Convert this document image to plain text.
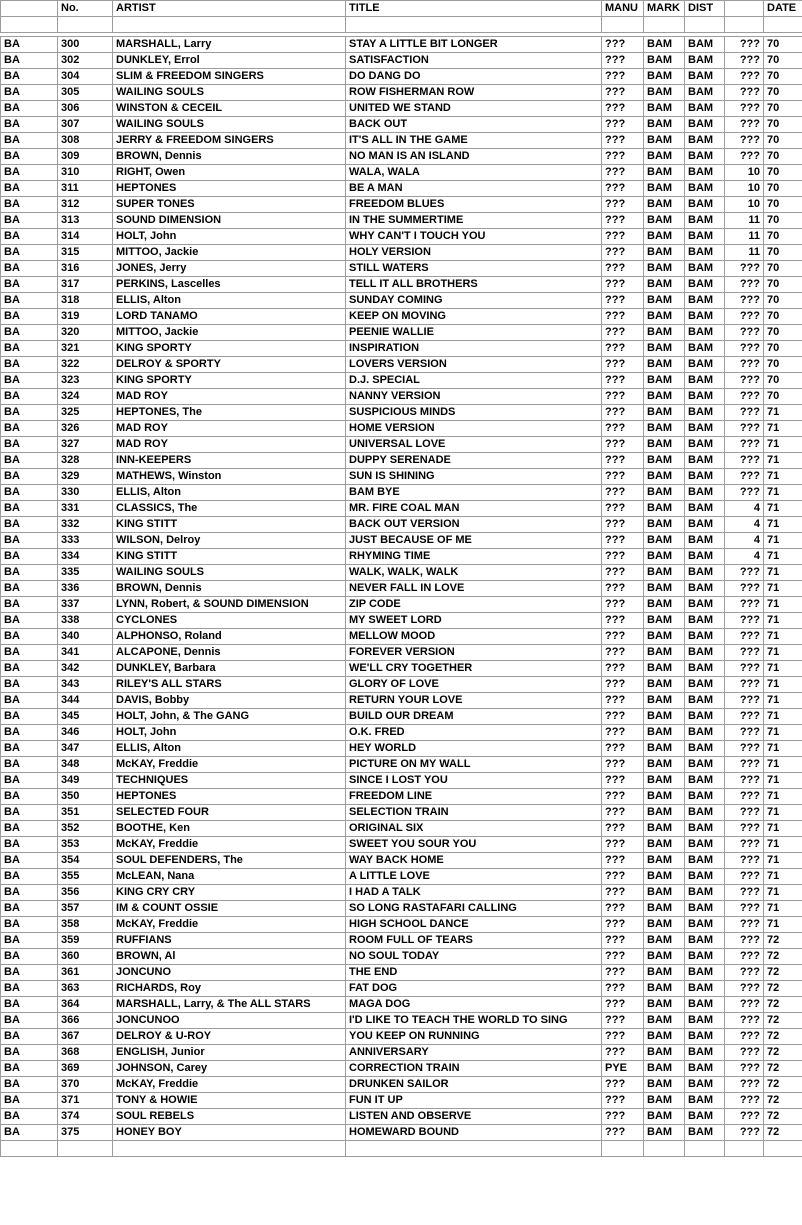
	No.	ARTIST	TITLE	MANU	MARK	DIST		DATE

BA	300	MARSHALL, Larry	STAY A LITTLE BIT LONGER	???	BAM	BAM	???	70
BA	302	DUNKLEY, Errol	SATISFACTION	???	BAM	BAM	???	70
BA	304	SLIM & FREEDOM SINGERS	DO DANG DO	???	BAM	BAM	???	70
BA	305	WAILING SOULS	ROW FISHERMAN ROW	???	BAM	BAM	???	70
BA	306	WINSTON & CECEIL	UNITED WE STAND	???	BAM	BAM	???	70
BA	307	WAILING SOULS	BACK OUT	???	BAM	BAM	???	70
BA	308	JERRY & FREEDOM SINGERS	IT'S ALL IN THE GAME	???	BAM	BAM	???	70
BA	309	BROWN, Dennis	NO MAN IS AN ISLAND	???	BAM	BAM	???	70
BA	310	RIGHT, Owen	WALA, WALA	???	BAM	BAM	10	70
BA	311	HEPTONES	BE A MAN	???	BAM	BAM	10	70
BA	312	SUPER TONES	FREEDOM BLUES	???	BAM	BAM	10	70
BA	313	SOUND DIMENSION	IN THE SUMMERTIME	???	BAM	BAM	11	70
BA	314	HOLT, John	WHY CAN'T I TOUCH YOU	???	BAM	BAM	11	70
BA	315	MITTOO, Jackie	HOLY VERSION	???	BAM	BAM	11	70
BA	316	JONES, Jerry	STILL WATERS	???	BAM	BAM	???	70
BA	317	PERKINS, Lascelles	TELL IT ALL BROTHERS	???	BAM	BAM	???	70
BA	318	ELLIS, Alton	SUNDAY COMING	???	BAM	BAM	???	70
BA	319	LORD TANAMO	KEEP ON MOVING	???	BAM	BAM	???	70
BA	320	MITTOO, Jackie	PEENIE WALLIE	???	BAM	BAM	???	70
BA	321	KING SPORTY	INSPIRATION	???	BAM	BAM	???	70
BA	322	DELROY & SPORTY	LOVERS VERSION	???	BAM	BAM	???	70
BA	323	KING SPORTY	D.J. SPECIAL	???	BAM	BAM	???	70
BA	324	MAD ROY	NANNY VERSION	???	BAM	BAM	???	70
BA	325	HEPTONES, The	SUSPICIOUS MINDS	???	BAM	BAM	???	71
BA	326	MAD ROY	HOME VERSION	???	BAM	BAM	???	71
BA	327	MAD ROY	UNIVERSAL LOVE	???	BAM	BAM	???	71
BA	328	INN-KEEPERS	DUPPY SERENADE	???	BAM	BAM	???	71
BA	329	MATHEWS, Winston	SUN IS SHINING	???	BAM	BAM	???	71
BA	330	ELLIS, Alton	BAM BYE	???	BAM	BAM	???	71
BA	331	CLASSICS, The	MR. FIRE COAL MAN	???	BAM	BAM	4	71
BA	332	KING STITT	BACK OUT VERSION	???	BAM	BAM	4	71
BA	333	WILSON, Delroy	JUST BECAUSE OF ME	???	BAM	BAM	4	71
BA	334	KING STITT	RHYMING TIME	???	BAM	BAM	4	71
BA	335	WAILING SOULS	WALK, WALK, WALK	???	BAM	BAM	???	71
BA	336	BROWN, Dennis	NEVER FALL IN LOVE	???	BAM	BAM	???	71
BA	337	LYNN, Robert, & SOUND DIMENSION	ZIP CODE	???	BAM	BAM	???	71
BA	338	CYCLONES	MY SWEET LORD	???	BAM	BAM	???	71
BA	340	ALPHONSO, Roland	MELLOW MOOD	???	BAM	BAM	???	71
BA	341	ALCAPONE, Dennis	FOREVER VERSION	???	BAM	BAM	???	71
BA	342	DUNKLEY, Barbara	WE'LL CRY TOGETHER	???	BAM	BAM	???	71
BA	343	RILEY'S ALL STARS	GLORY OF LOVE	???	BAM	BAM	???	71
BA	344	DAVIS, Bobby	RETURN YOUR LOVE	???	BAM	BAM	???	71
BA	345	HOLT, John, & The GANG	BUILD OUR DREAM	???	BAM	BAM	???	71
BA	346	HOLT, John	O.K. FRED	???	BAM	BAM	???	71
BA	347	ELLIS, Alton	HEY WORLD	???	BAM	BAM	???	71
BA	348	McKAY, Freddie	PICTURE ON MY WALL	???	BAM	BAM	???	71
BA	349	TECHNIQUES	SINCE I LOST YOU	???	BAM	BAM	???	71
BA	350	HEPTONES	FREEDOM LINE	???	BAM	BAM	???	71
BA	351	SELECTED FOUR	SELECTION TRAIN	???	BAM	BAM	???	71
BA	352	BOOTHE, Ken	ORIGINAL SIX	???	BAM	BAM	???	71
BA	353	McKAY, Freddie	SWEET YOU SOUR YOU	???	BAM	BAM	???	71
BA	354	SOUL DEFENDERS, The	WAY BACK HOME	???	BAM	BAM	???	71
BA	355	McLEAN, Nana	A LITTLE LOVE	???	BAM	BAM	???	71
BA	356	KING CRY CRY	I HAD A TALK	???	BAM	BAM	???	71
BA	357	IM & COUNT OSSIE	SO LONG RASTAFARI CALLING	???	BAM	BAM	???	71
BA	358	McKAY, Freddie	HIGH SCHOOL DANCE	???	BAM	BAM	???	71
BA	359	RUFFIANS	ROOM FULL OF TEARS	???	BAM	BAM	???	72
BA	360	BROWN, Al	NO SOUL TODAY	???	BAM	BAM	???	72
BA	361	JONCUNO	THE END	???	BAM	BAM	???	72
BA	363	RICHARDS, Roy	FAT DOG	???	BAM	BAM	???	72
BA	364	MARSHALL, Larry, & The ALL STARS	MAGA DOG	???	BAM	BAM	???	72
BA	366	JONCUNOO	I'D LIKE TO TEACH THE WORLD TO SING	???	BAM	BAM	???	72
BA	367	DELROY & U-ROY	YOU KEEP ON RUNNING	???	BAM	BAM	???	72
BA	368	ENGLISH, Junior	ANNIVERSARY	???	BAM	BAM	???	72
BA	369	JOHNSON, Carey	CORRECTION TRAIN	PYE	BAM	BAM	???	72
BA	370	McKAY, Freddie	DRUNKEN SAILOR	???	BAM	BAM	???	72
BA	371	TONY & HOWIE	FUN IT UP	???	BAM	BAM	???	72
BA	374	SOUL REBELS	LISTEN AND OBSERVE	???	BAM	BAM	???	72
BA	375	HONEY BOY	HOMEWARD BOUND	???	BAM	BAM	???	72
